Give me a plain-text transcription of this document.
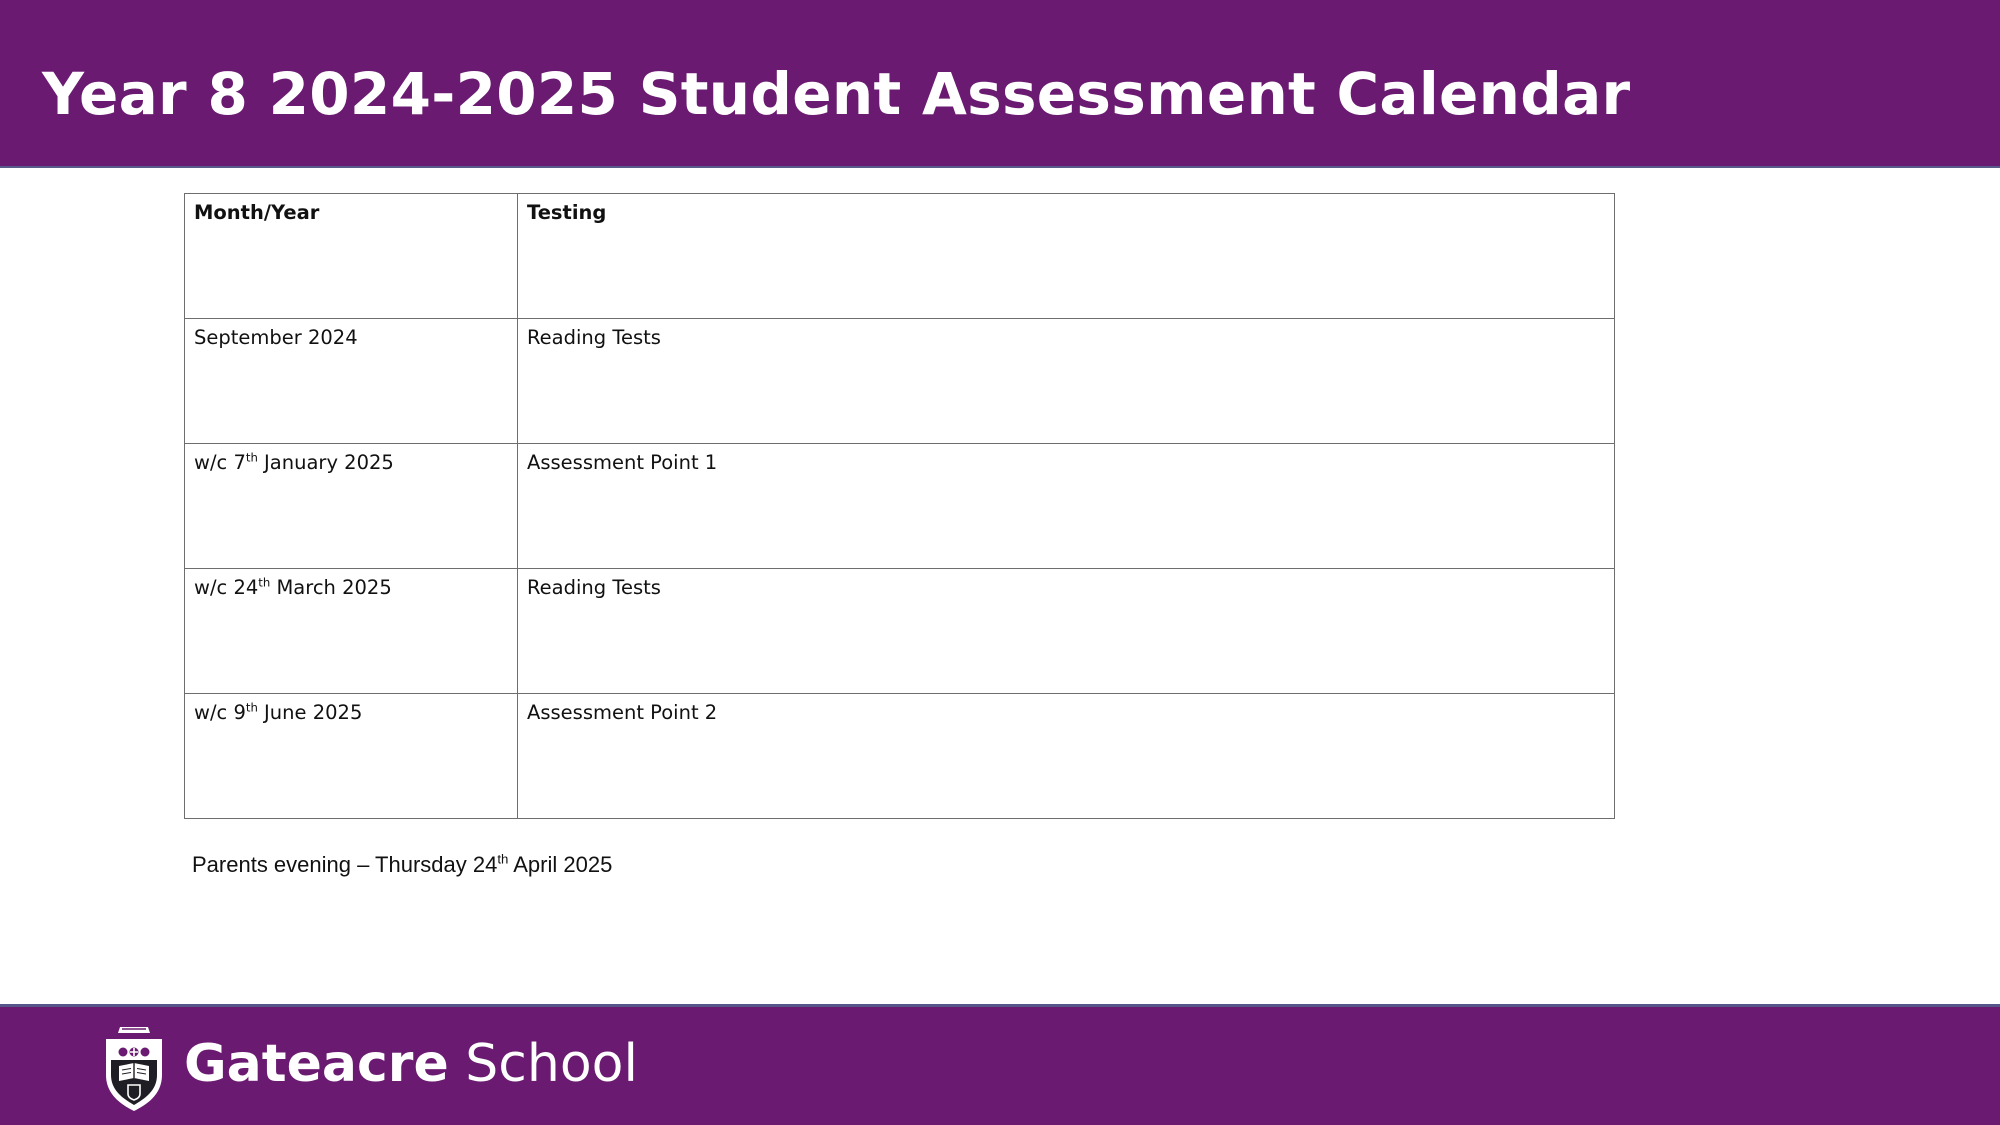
Year 8 2024-2025 Student Assessment Calendar
Month/Year	Testing
September 2024	Reading Tests
w/c 7th January 2025	Assessment Point 1
w/c 24th March 2025	Reading Tests
w/c 9th June 2025	Assessment Point 2

Parents evening – Thursday 24th April 2025

Gateacre School
